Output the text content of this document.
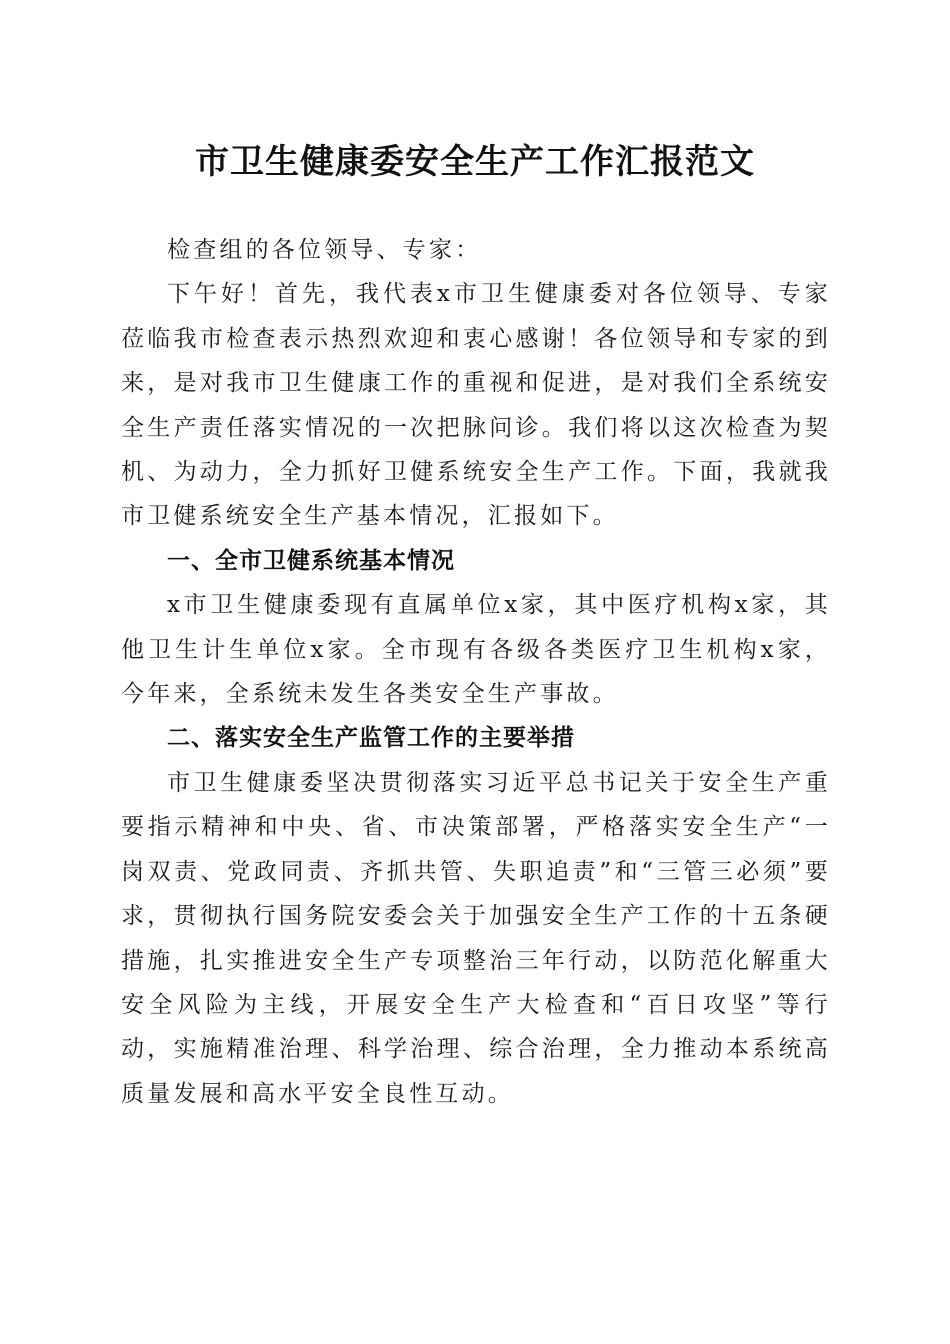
市卫生健康委安全生产工作汇报范文

检查组的各位领导、专家：

下午好！首先，我代表x市卫生健康委对各位领导、专家莅临我市检查表示热烈欢迎和衷心感谢！各位领导和专家的到来，是对我市卫生健康工作的重视和促进，是对我们全系统安全生产责任落实情况的一次把脉问诊。我们将以这次检查为契机、为动力，全力抓好卫健系统安全生产工作。下面，我就我市卫健系统安全生产基本情况，汇报如下。

一、全市卫健系统基本情况

x市卫生健康委现有直属单位x家，其中医疗机构x家，其他卫生计生单位x家。全市现有各级各类医疗卫生机构x家，今年来，全系统未发生各类安全生产事故。

二、落实安全生产监管工作的主要举措

市卫生健康委坚决贯彻落实习近平总书记关于安全生产重要指示精神和中央、省、市决策部署，严格落实安全生产“一岗双责、党政同责、齐抓共管、失职追责”和“三管三必须”要求，贯彻执行国务院安委会关于加强安全生产工作的十五条硬措施，扎实推进安全生产专项整治三年行动，以防范化解重大安全风险为主线，开展安全生产大检查和“百日攻坚”等行动，实施精准治理、科学治理、综合治理，全力推动本系统高质量发展和高水平安全良性互动。
